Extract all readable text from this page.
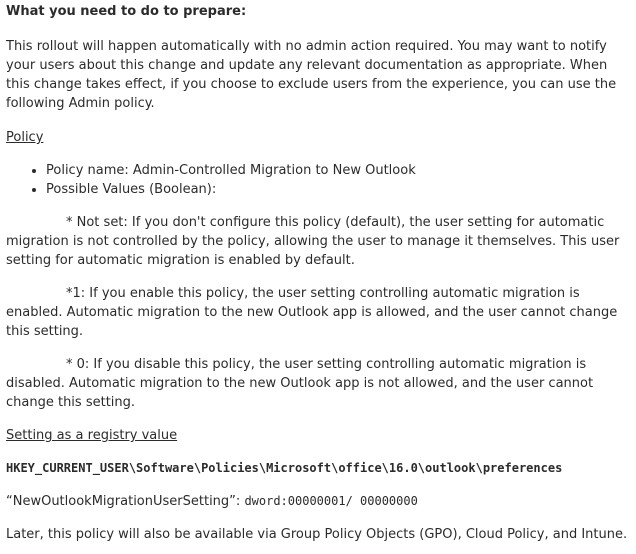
What you need to do to prepare:

This rollout will happen automatically with no admin action required. You may want to notify your users about this change and update any relevant documentation as appropriate. When this change takes effect, if you choose to exclude users from the experience, you can use the following Admin policy.

Policy
• Policy name: Admin-Controlled Migration to New Outlook
• Possible Values (Boolean):

* Not set: If you don't configure this policy (default), the user setting for automatic migration is not controlled by the policy, allowing the user to manage it themselves. This user setting for automatic migration is enabled by default.

*1: If you enable this policy, the user setting controlling automatic migration is enabled. Automatic migration to the new Outlook app is allowed, and the user cannot change this setting.

* 0: If you disable this policy, the user setting controlling automatic migration is disabled. Automatic migration to the new Outlook app is not allowed, and the user cannot change this setting.

Setting as a registry value

HKEY_CURRENT_USER\Software\Policies\Microsoft\office\16.0\outlook\preferences

“NewOutlookMigrationUserSetting”: dword:00000001/ 00000000

Later, this policy will also be available via Group Policy Objects (GPO), Cloud Policy, and Intune.
